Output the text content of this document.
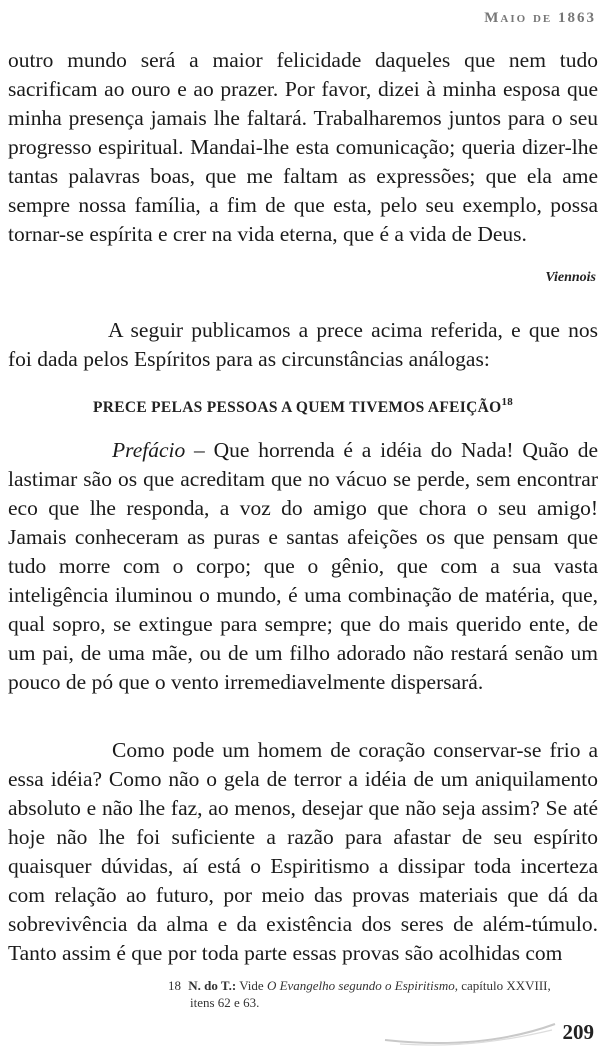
Maio de 1863

outro mundo será a maior felicidade daqueles que nem tudo sacrificam ao ouro e ao prazer. Por favor, dizei à minha esposa que minha presença jamais lhe faltará. Trabalharemos juntos para o seu progresso espiritual. Mandai-lhe esta comunicação; queria dizer-lhe tantas palavras boas, que me faltam as expressões; que ela ame sempre nossa família, a fim de que esta, pelo seu exemplo, possa tornar-se espírita e crer na vida eterna, que é a vida de Deus.

Viennois

A seguir publicamos a prece acima referida, e que nos foi dada pelos Espíritos para as circunstâncias análogas:

PRECE PELAS PESSOAS A QUEM TIVEMOS AFEIÇÃO$^{18}$

Prefácio – Que horrenda é a idéia do Nada! Quão de lastimar são os que acreditam que no vácuo se perde, sem encontrar eco que lhe responda, a voz do amigo que chora o seu amigo! Jamais conheceram as puras e santas afeições os que pensam que tudo morre com o corpo; que o gênio, que com a sua vasta inteligência iluminou o mundo, é uma combinação de matéria, que, qual sopro, se extingue para sempre; que do mais querido ente, de um pai, de uma mãe, ou de um filho adorado não restará senão um pouco de pó que o vento irremediavelmente dispersará.

Como pode um homem de coração conservar-se frio a essa idéia? Como não o gela de terror a idéia de um aniquilamento absoluto e não lhe faz, ao menos, desejar que não seja assim? Se até hoje não lhe foi suficiente a razão para afastar de seu espírito quaisquer dúvidas, aí está o Espiritismo a dissipar toda incerteza com relação ao futuro, por meio das provas materiais que dá da sobrevivência da alma e da existência dos seres de além-túmulo. Tanto assim é que por toda parte essas provas são acolhidas com

18 N. do T.: Vide O Evangelho segundo o Espiritismo, capítulo XXVIII,
itens 62 e 63.
209
